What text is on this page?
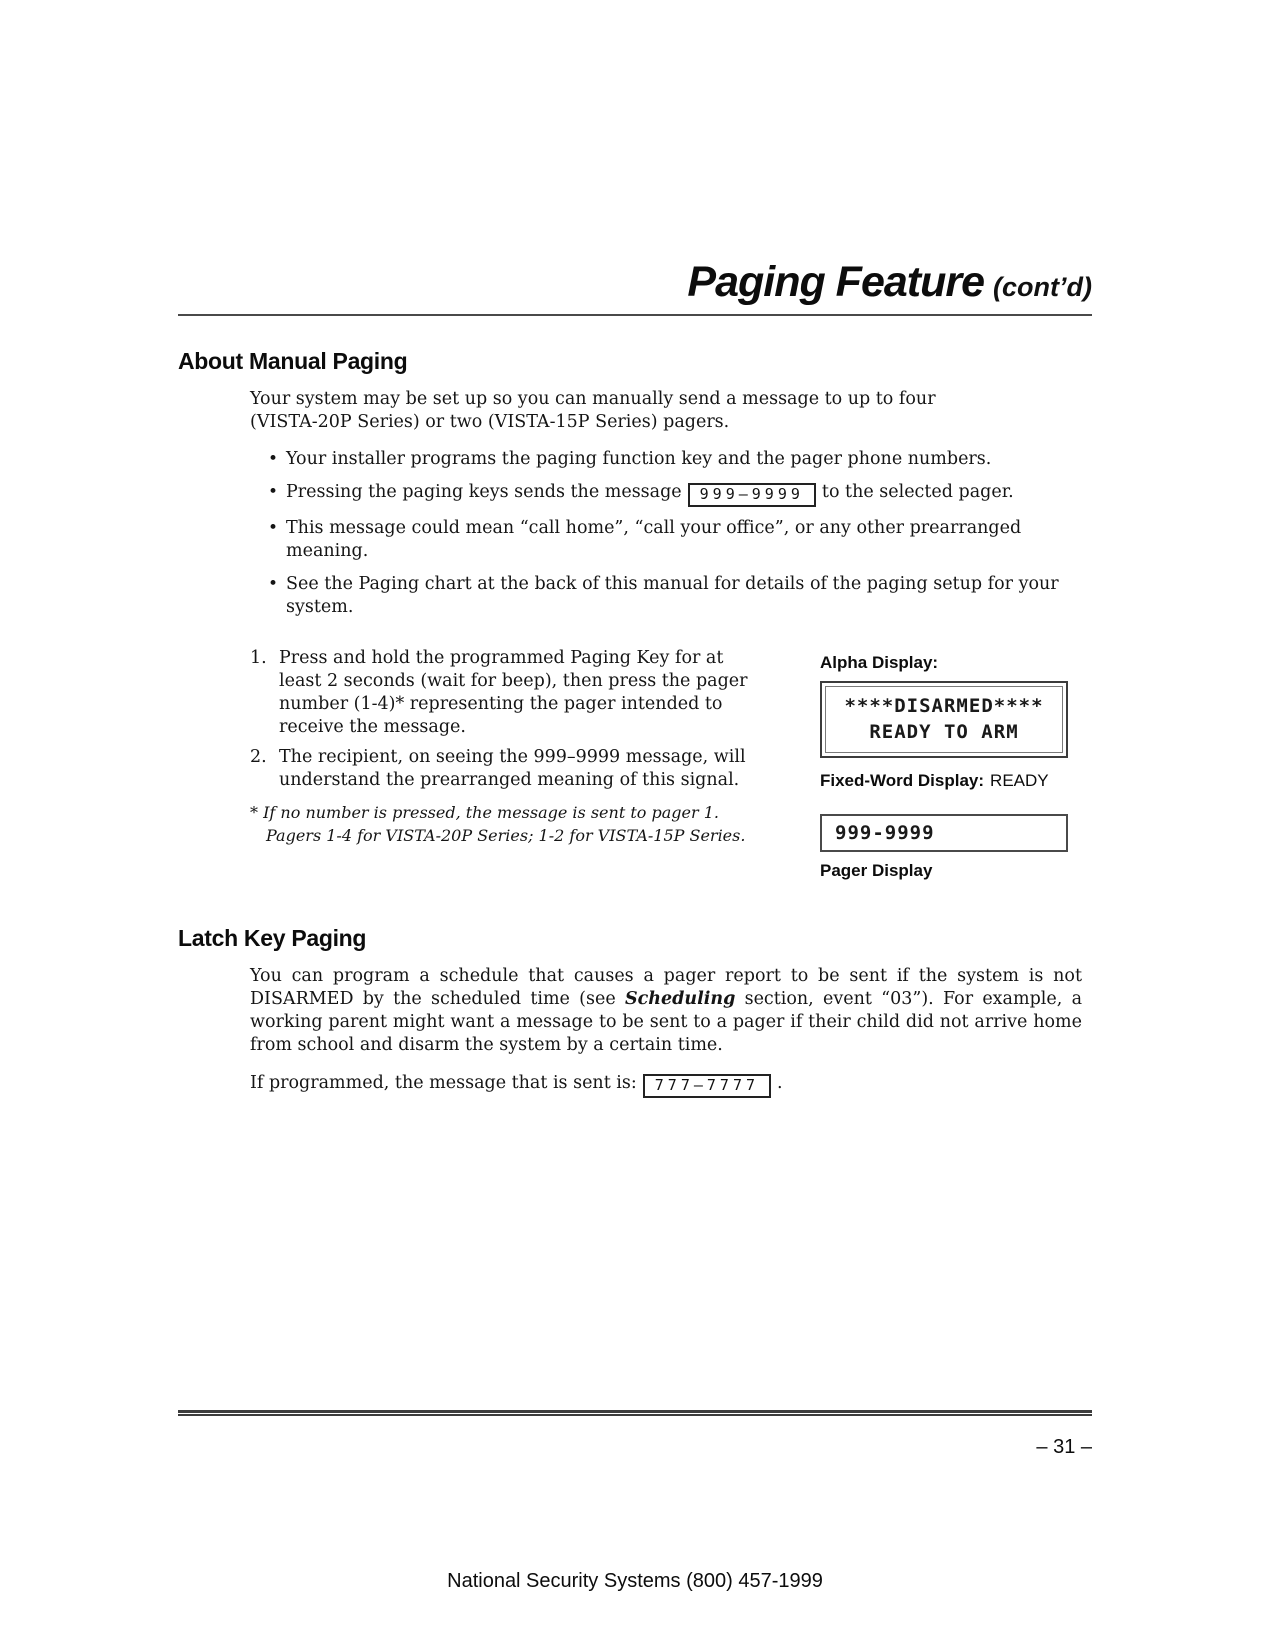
Paging Feature (cont’d)
About Manual Paging

Your system may be set up so you can manually send a message to up to four (VISTA-20P Series) or two (VISTA-15P Series) pagers.

• Your installer programs the paging function key and the pager phone numbers.
• Pressing the paging keys sends the message 999–9999 to the selected pager.
• This message could mean “call home”, “call your office”, or any other prearranged meaning.
• See the Paging chart at the back of this manual for details of the paging setup for your system.
1. Press and hold the programmed Paging Key for at least 2 seconds (wait for beep), then press the pager number (1-4)* representing the pager intended to receive the message.
2. The recipient, on seeing the 999–9999 message, will understand the prearranged meaning of this signal.
* If no number is pressed, the message is sent to pager 1.
Pagers 1-4 for VISTA-20P Series; 1-2 for VISTA-15P Series.
Alpha Display:
****DISARMED****
READY TO ARM
Fixed-Word Display: READY
999-9999
Pager Display
Latch Key Paging

You can program a schedule that causes a pager report to be sent if the system is not DISARMED by the scheduled time (see Scheduling section, event “03”). For example, a working parent might want a message to be sent to a pager if their child did not arrive home from school and disarm the system by a certain time.

If programmed, the message that is sent is: 777–7777 .
– 31 –
National Security Systems (800) 457-1999
